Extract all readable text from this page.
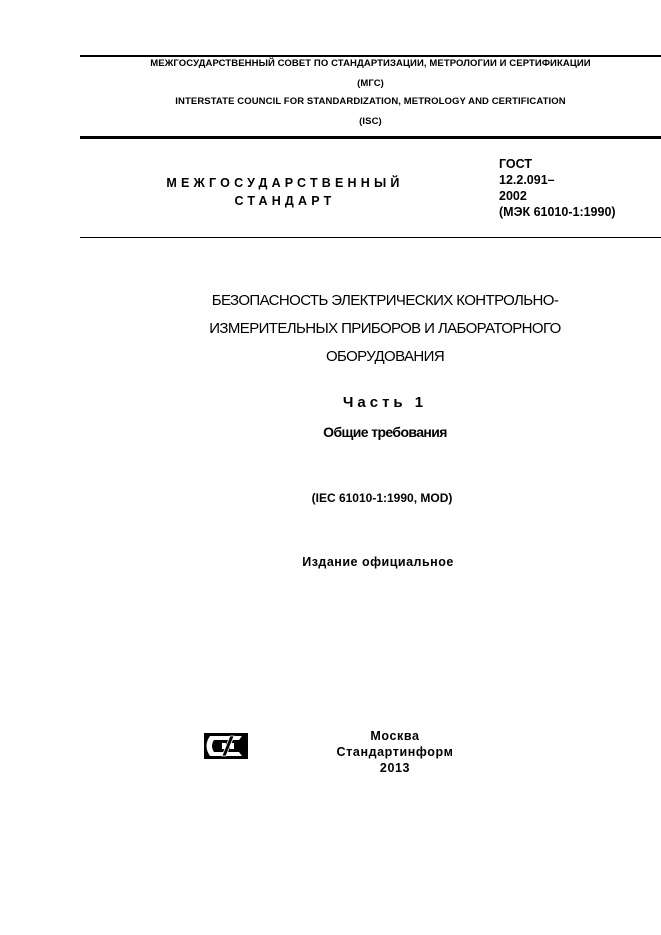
МЕЖГОСУДАРСТВЕННЫЙ СОВЕТ ПО СТАНДАРТИЗАЦИИ, МЕТРОЛОГИИ И СЕРТИФИКАЦИИ
(МГС)
INTERSTATE COUNCIL FOR STANDARDIZATION, METROLOGY AND CERTIFICATION
(ISC)
МЕЖГОСУДАРСТВЕННЫЙ
СТАНДАРТ
ГОСТ
12.2.091–
2002
(МЭК 61010-1:1990)
БЕЗОПАСНОСТЬ ЭЛЕКТРИЧЕСКИХ КОНТРОЛЬНО-
ИЗМЕРИТЕЛЬНЫХ ПРИБОРОВ И ЛАБОРАТОРНОГО
ОБОРУДОВАНИЯ
Часть 1
Общие требования
(IEC 61010-1:1990, MOD)
Издание официальное
Москва
Стандартинформ
2013
